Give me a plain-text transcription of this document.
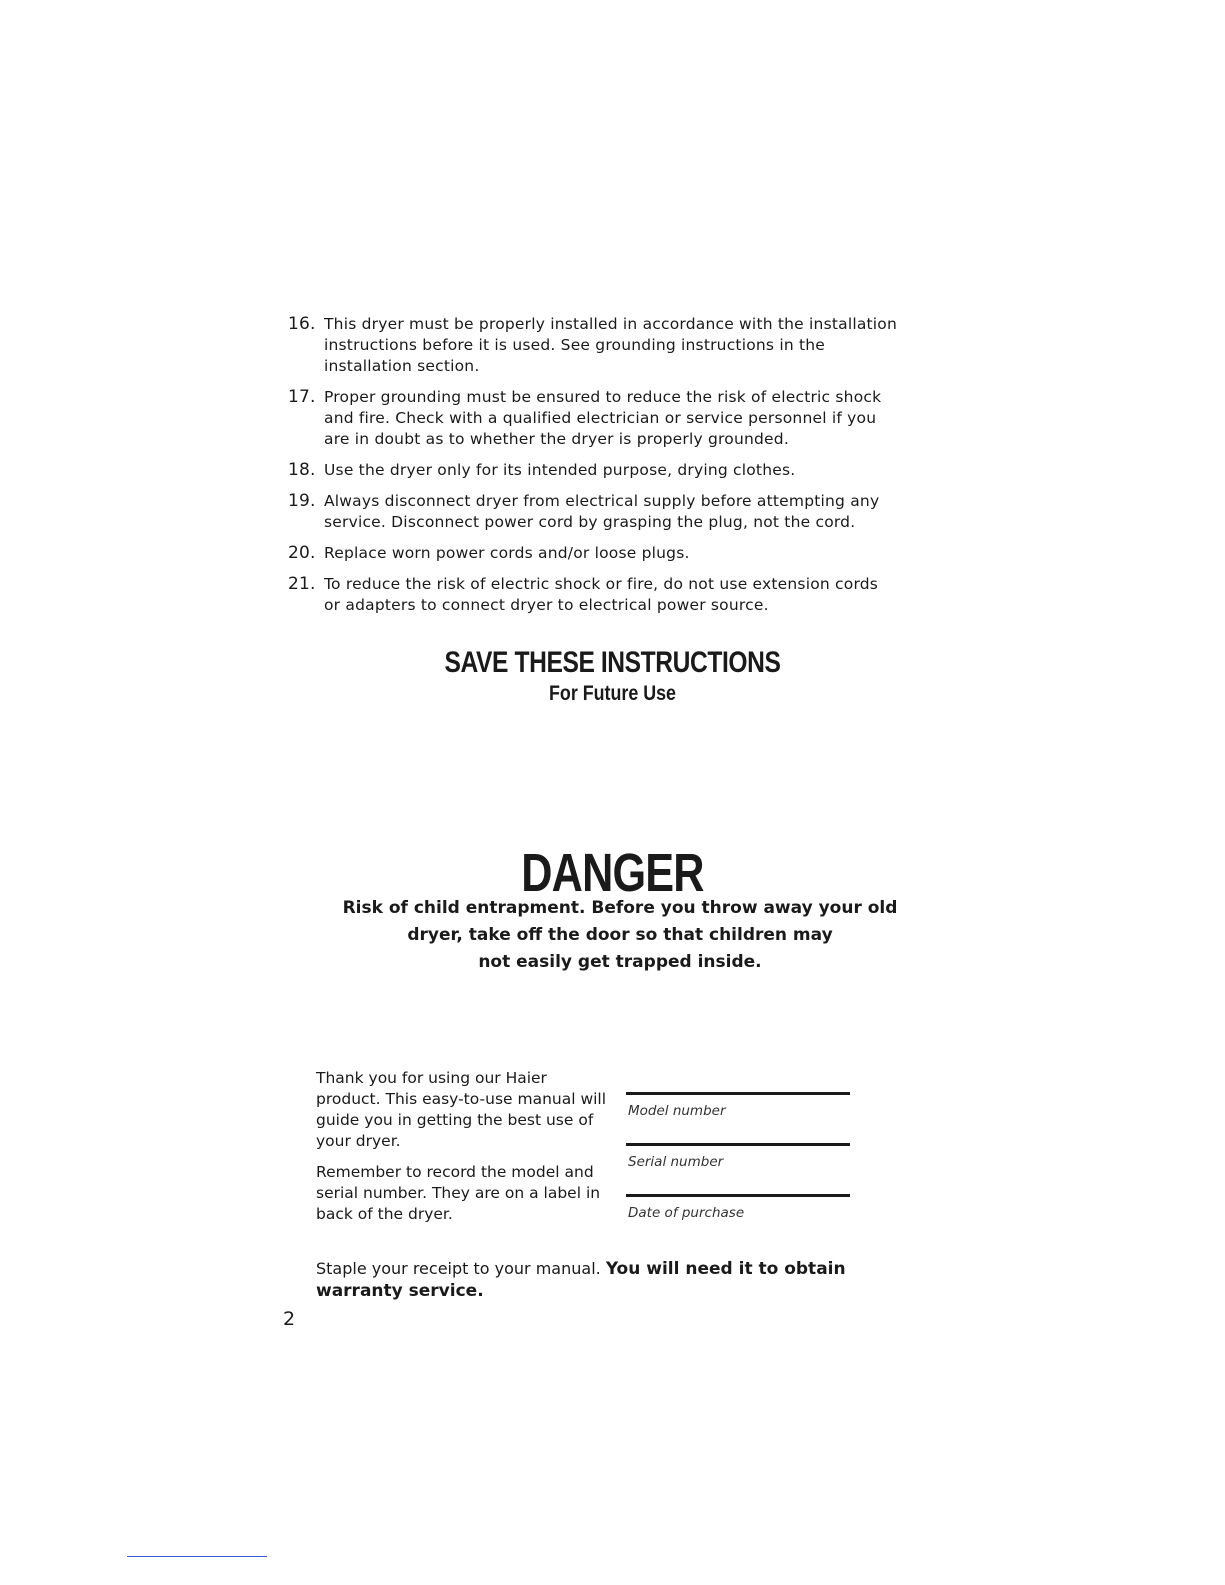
16. This dryer must be properly installed in accordance with the installation instructions before it is used. See grounding instructions in the installation section.
17. Proper grounding must be ensured to reduce the risk of electric shock and fire. Check with a qualified electrician or service personnel if you are in doubt as to whether the dryer is properly grounded.
18. Use the dryer only for its intended purpose, drying clothes.
19. Always disconnect dryer from electrical supply before attempting any service. Disconnect power cord by grasping the plug, not the cord.
20. Replace worn power cords and/or loose plugs.
21. To reduce the risk of electric shock or fire, do not use extension cords or adapters to connect dryer to electrical power source.
SAVE THESE INSTRUCTIONS
For Future Use
DANGER
Risk of child entrapment. Before you throw away your old
dryer, take off the door so that children may
not easily get trapped inside.

Thank you for using our Haier product. This easy-to-use manual will guide you in getting the best use of your dryer.

Remember to record the model and serial number. They are on a label in back of the dryer.

Model number
Serial number
Date of purchase
Staple your receipt to your manual. You will need it to obtain warranty service.
2
